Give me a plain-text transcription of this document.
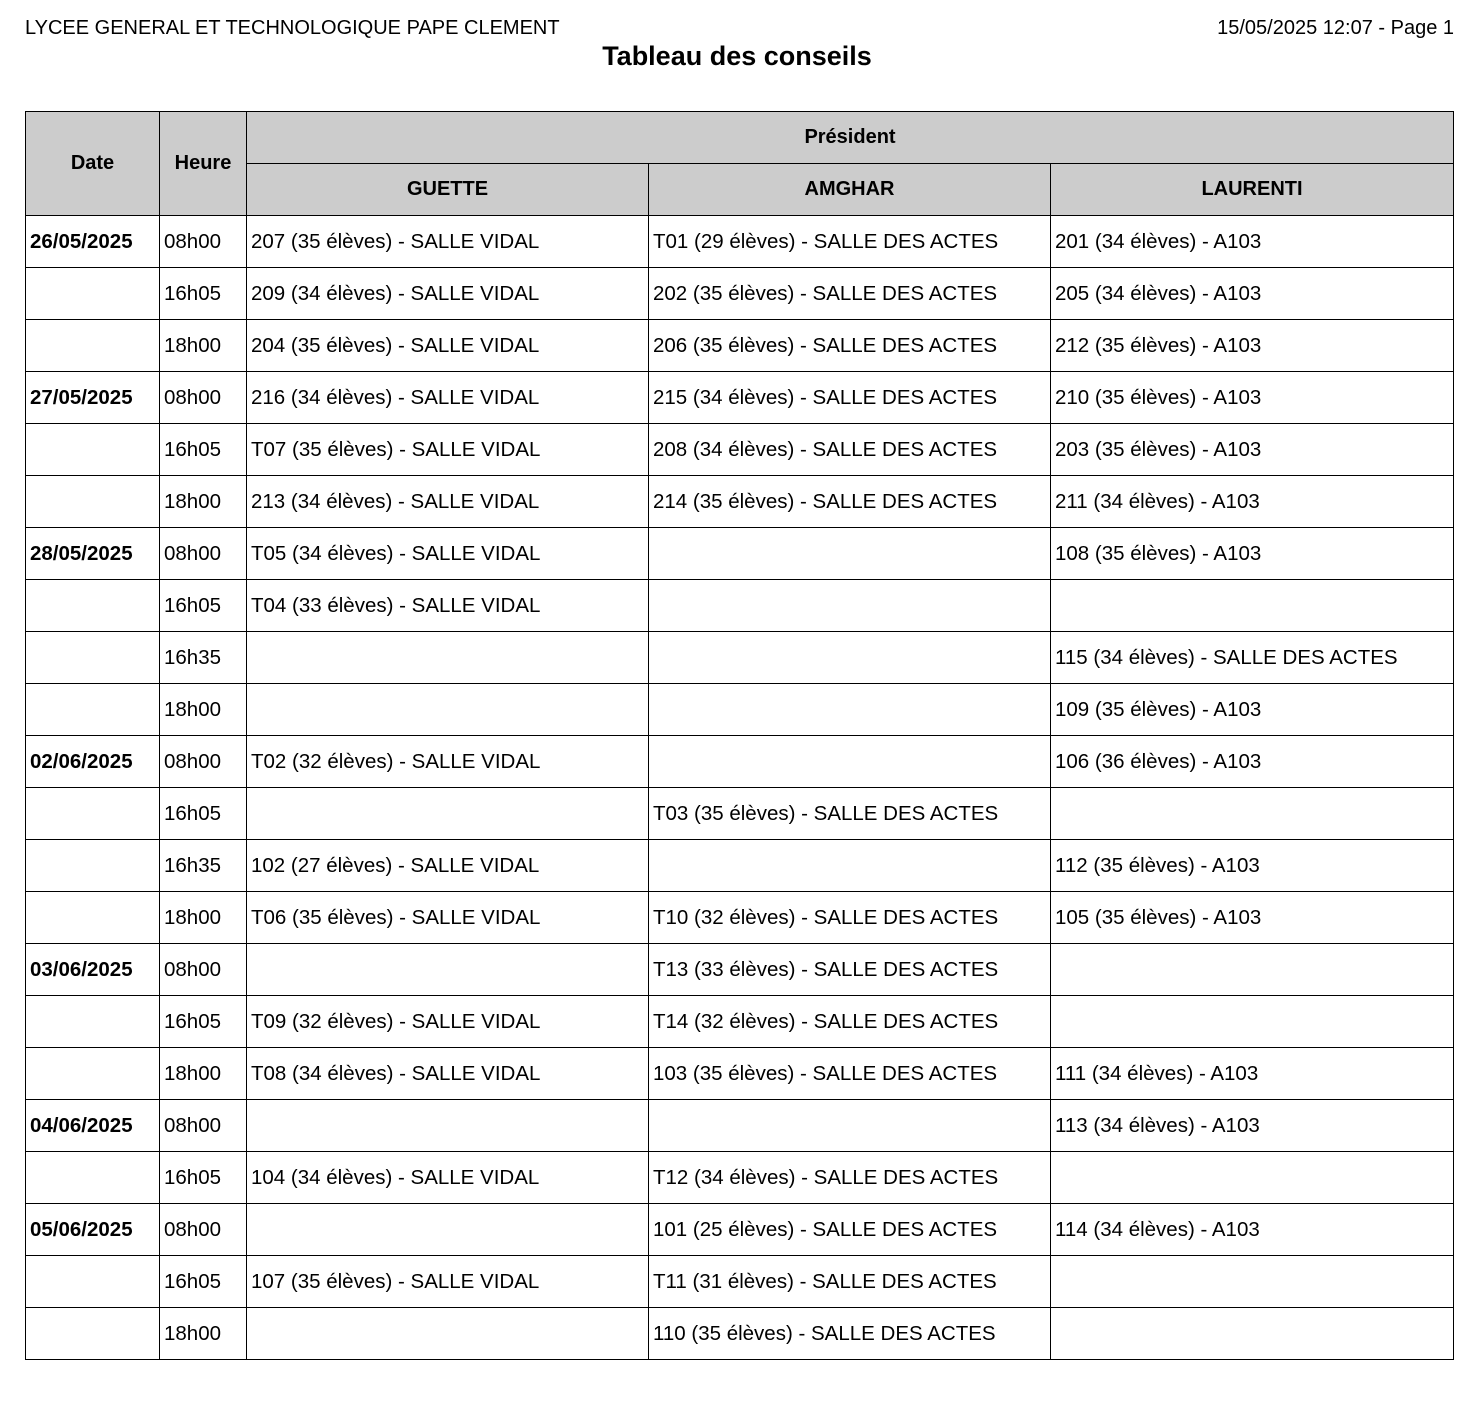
LYCEE GENERAL ET TECHNOLOGIQUE PAPE CLEMENT	15/05/2025 12:07 - Page 1
Tableau des conseils
Date	Heure	Président		
		GUETTE	AMGHAR	LAURENTI
26/05/2025	08h00	207 (35 élèves) - SALLE VIDAL	T01 (29 élèves) - SALLE DES ACTES	201 (34 élèves) - A103
	16h05	209 (34 élèves) - SALLE VIDAL	202 (35 élèves) - SALLE DES ACTES	205 (34 élèves) - A103
	18h00	204 (35 élèves) - SALLE VIDAL	206 (35 élèves) - SALLE DES ACTES	212 (35 élèves) - A103
27/05/2025	08h00	216 (34 élèves) - SALLE VIDAL	215 (34 élèves) - SALLE DES ACTES	210 (35 élèves) - A103
	16h05	T07 (35 élèves) - SALLE VIDAL	208 (34 élèves) - SALLE DES ACTES	203 (35 élèves) - A103
	18h00	213 (34 élèves) - SALLE VIDAL	214 (35 élèves) - SALLE DES ACTES	211 (34 élèves) - A103
28/05/2025	08h00	T05 (34 élèves) - SALLE VIDAL		108 (35 élèves) - A103
	16h05	T04 (33 élèves) - SALLE VIDAL		
	16h35			115 (34 élèves) - SALLE DES ACTES
	18h00			109 (35 élèves) - A103
02/06/2025	08h00	T02 (32 élèves) - SALLE VIDAL		106 (36 élèves) - A103
	16h05		T03 (35 élèves) - SALLE DES ACTES	
	16h35	102 (27 élèves) - SALLE VIDAL		112 (35 élèves) - A103
	18h00	T06 (35 élèves) - SALLE VIDAL	T10 (32 élèves) - SALLE DES ACTES	105 (35 élèves) - A103
03/06/2025	08h00		T13 (33 élèves) - SALLE DES ACTES	
	16h05	T09 (32 élèves) - SALLE VIDAL	T14 (32 élèves) - SALLE DES ACTES	
	18h00	T08 (34 élèves) - SALLE VIDAL	103 (35 élèves) - SALLE DES ACTES	111 (34 élèves) - A103
04/06/2025	08h00			113 (34 élèves) - A103
	16h05	104 (34 élèves) - SALLE VIDAL	T12 (34 élèves) - SALLE DES ACTES	
05/06/2025	08h00		101 (25 élèves) - SALLE DES ACTES	114 (34 élèves) - A103
	16h05	107 (35 élèves) - SALLE VIDAL	T11 (31 élèves) - SALLE DES ACTES	
	18h00		110 (35 élèves) - SALLE DES ACTES	
